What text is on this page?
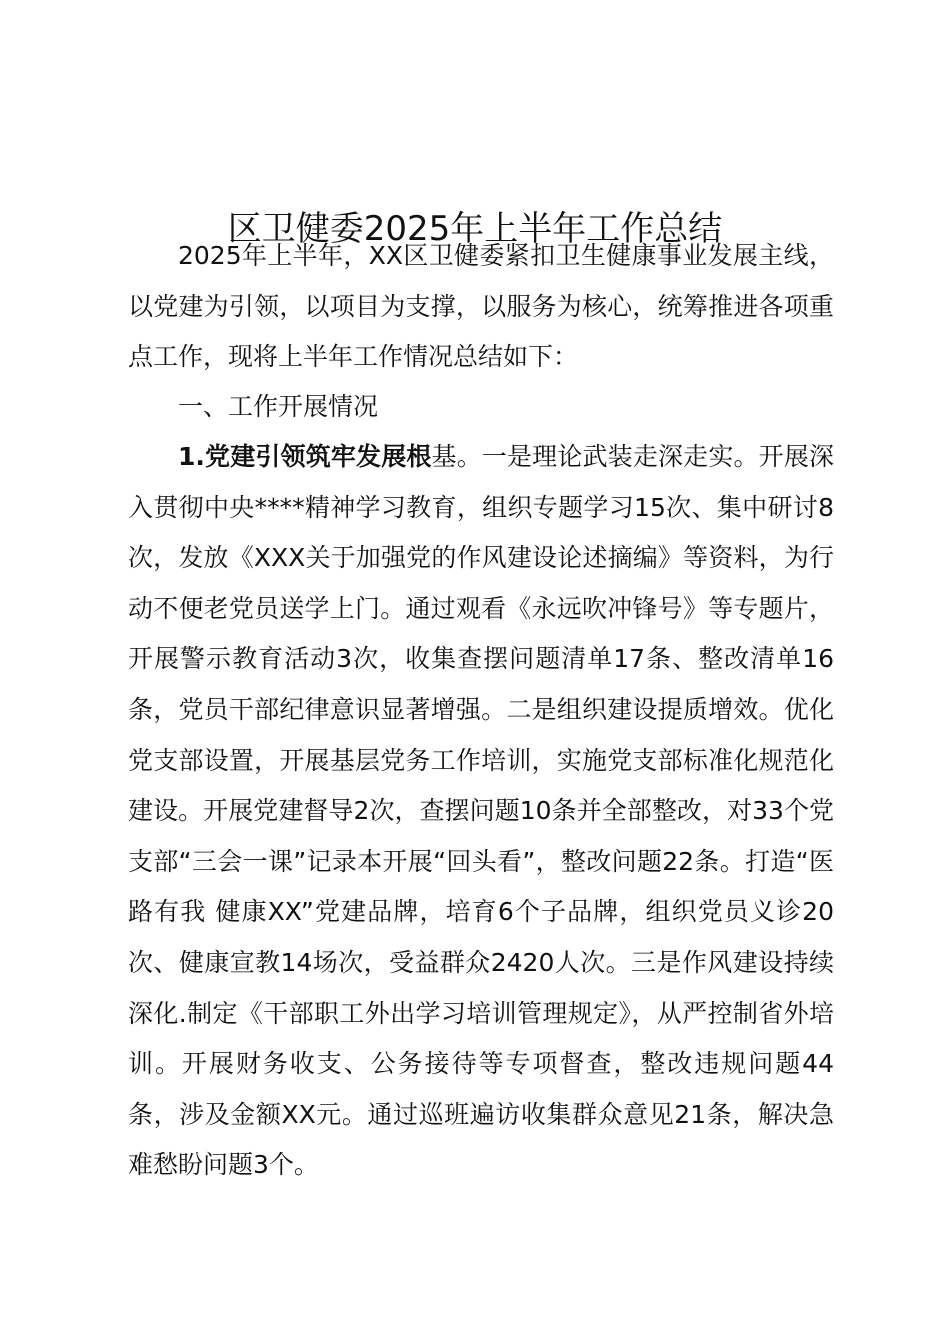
区卫健委2025年上半年工作总结

2025年上半年，XX区卫健委紧扣卫生健康事业发展主线，以党建为引领，以项目为支撑，以服务为核心，统筹推进各项重点工作，现将上半年工作情况总结如下：

一、工作开展情况

1.党建引领筑牢发展根基。一是理论武装走深走实。开展深入贯彻中央****精神学习教育，组织专题学习15次、集中研讨8次，发放《XXX关于加强党的作风建设论述摘编》等资料，为行动不便老党员送学上门。通过观看《永远吹冲锋号》等专题片，开展警示教育活动3次，收集查摆问题清单17条、整改清单16条，党员干部纪律意识显著增强。二是组织建设提质增效。优化党支部设置，开展基层党务工作培训，实施党支部标准化规范化建设。开展党建督导2次，查摆问题10条并全部整改，对33个党支部“三会一课”记录本开展“回头看”，整改问题22条。打造“医路有我 健康XX”党建品牌，培育6个子品牌，组织党员义诊20次、健康宣教14场次，受益群众2420人次。三是作风建设持续深化.制定《干部职工外出学习培训管理规定》，从严控制省外培训。开展财务收支、公务接待等专项督查，整改违规问题44条，涉及金额XX元。通过巡班遍访收集群众意见21条，解决急难愁盼问题3个。
